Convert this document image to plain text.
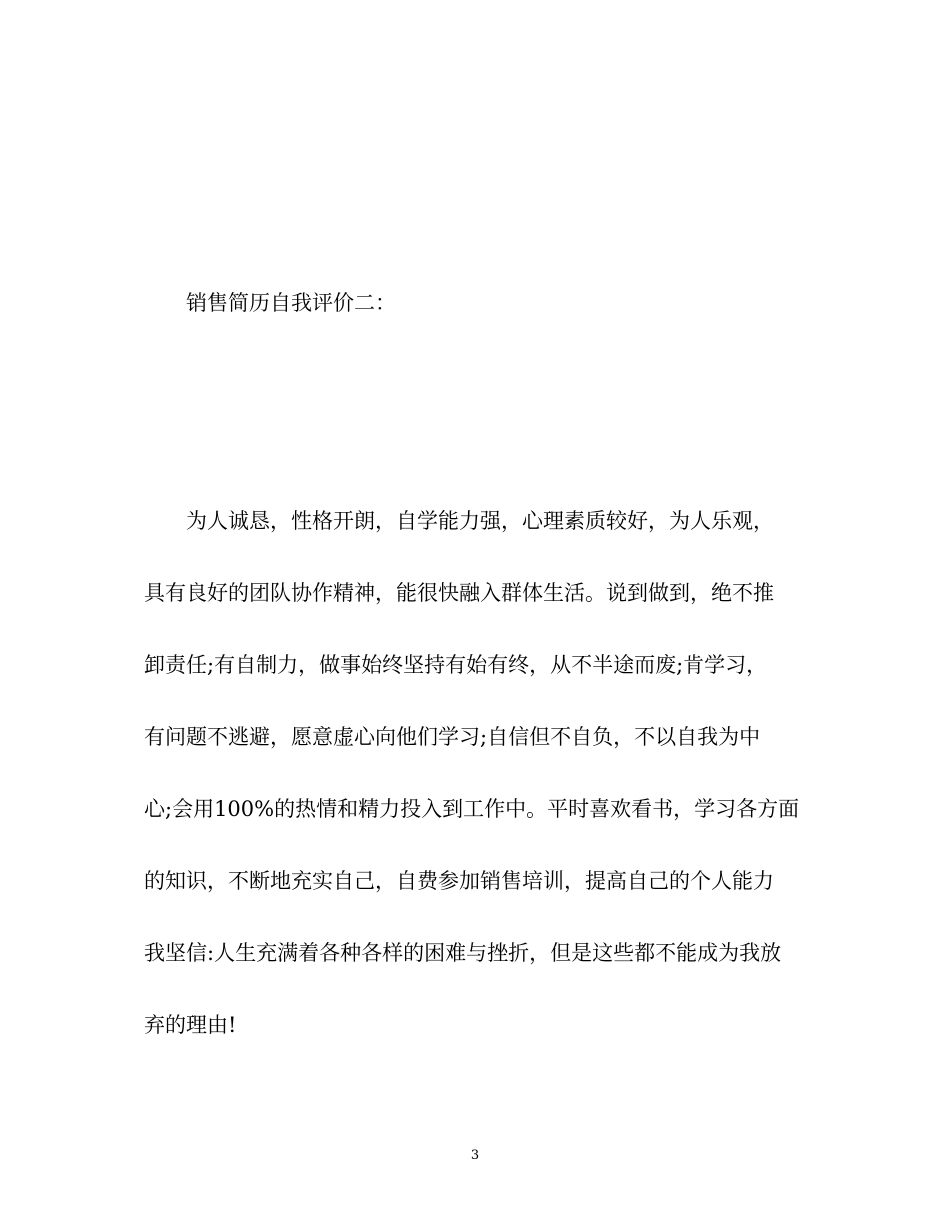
销售简历自我评价二：
为人诚恳，性格开朗，自学能力强，心理素质较好，为人乐观，
具有良好的团队协作精神，能很快融入群体生活。说到做到，绝不推
卸责任;有自制力，做事始终坚持有始有终，从不半途而废;肯学习，
有问题不逃避，愿意虚心向他们学习;自信但不自负，不以自我为中
心;会用100%的热情和精力投入到工作中。平时喜欢看书，学习各方面
的知识，不断地充实自己，自费参加销售培训，提高自己的个人能力
我坚信:人生充满着各种各样的困难与挫折，但是这些都不能成为我放
弃的理由!
3
